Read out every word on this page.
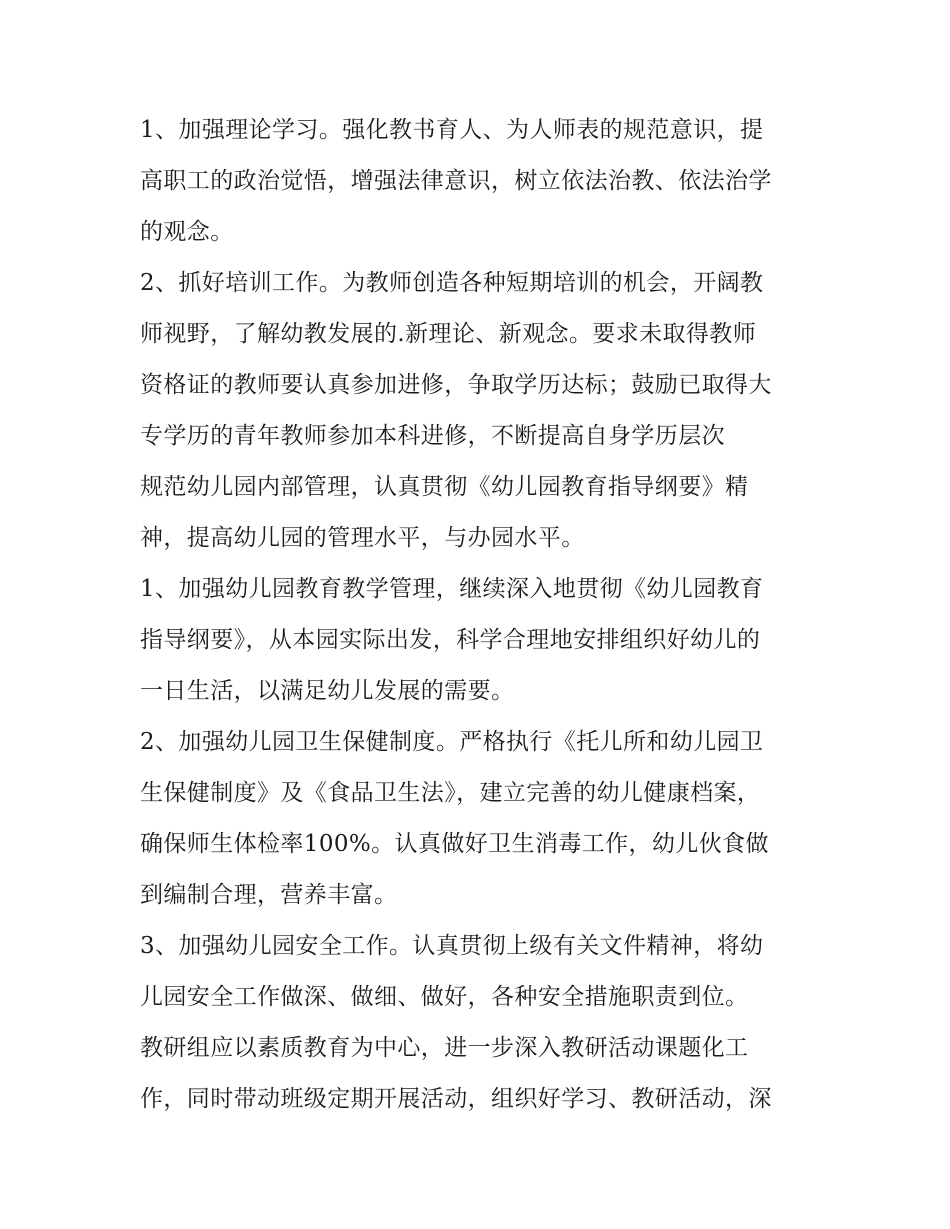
1、加强理论学习。强化教书育人、为人师表的规范意识，提
高职工的政治觉悟，增强法律意识，树立依法治教、依法治学
的观念。
2、抓好培训工作。为教师创造各种短期培训的机会，开阔教
师视野，了解幼教发展的.新理论、新观念。要求未取得教师
资格证的教师要认真参加进修，争取学历达标；鼓励已取得大
专学历的青年教师参加本科进修，不断提高自身学历层次
规范幼儿园内部管理，认真贯彻《幼儿园教育指导纲要》精
神，提高幼儿园的管理水平，与办园水平。
1、加强幼儿园教育教学管理，继续深入地贯彻《幼儿园教育
指导纲要》，从本园实际出发，科学合理地安排组织好幼儿的
一日生活，以满足幼儿发展的需要。
2、加强幼儿园卫生保健制度。严格执行《托儿所和幼儿园卫
生保健制度》及《食品卫生法》，建立完善的幼儿健康档案，
确保师生体检率100%。认真做好卫生消毒工作，幼儿伙食做
到编制合理，营养丰富。
3、加强幼儿园安全工作。认真贯彻上级有关文件精神，将幼
儿园安全工作做深、做细、做好，各种安全措施职责到位。
教研组应以素质教育为中心，进一步深入教研活动课题化工
作，同时带动班级定期开展活动，组织好学习、教研活动，深
